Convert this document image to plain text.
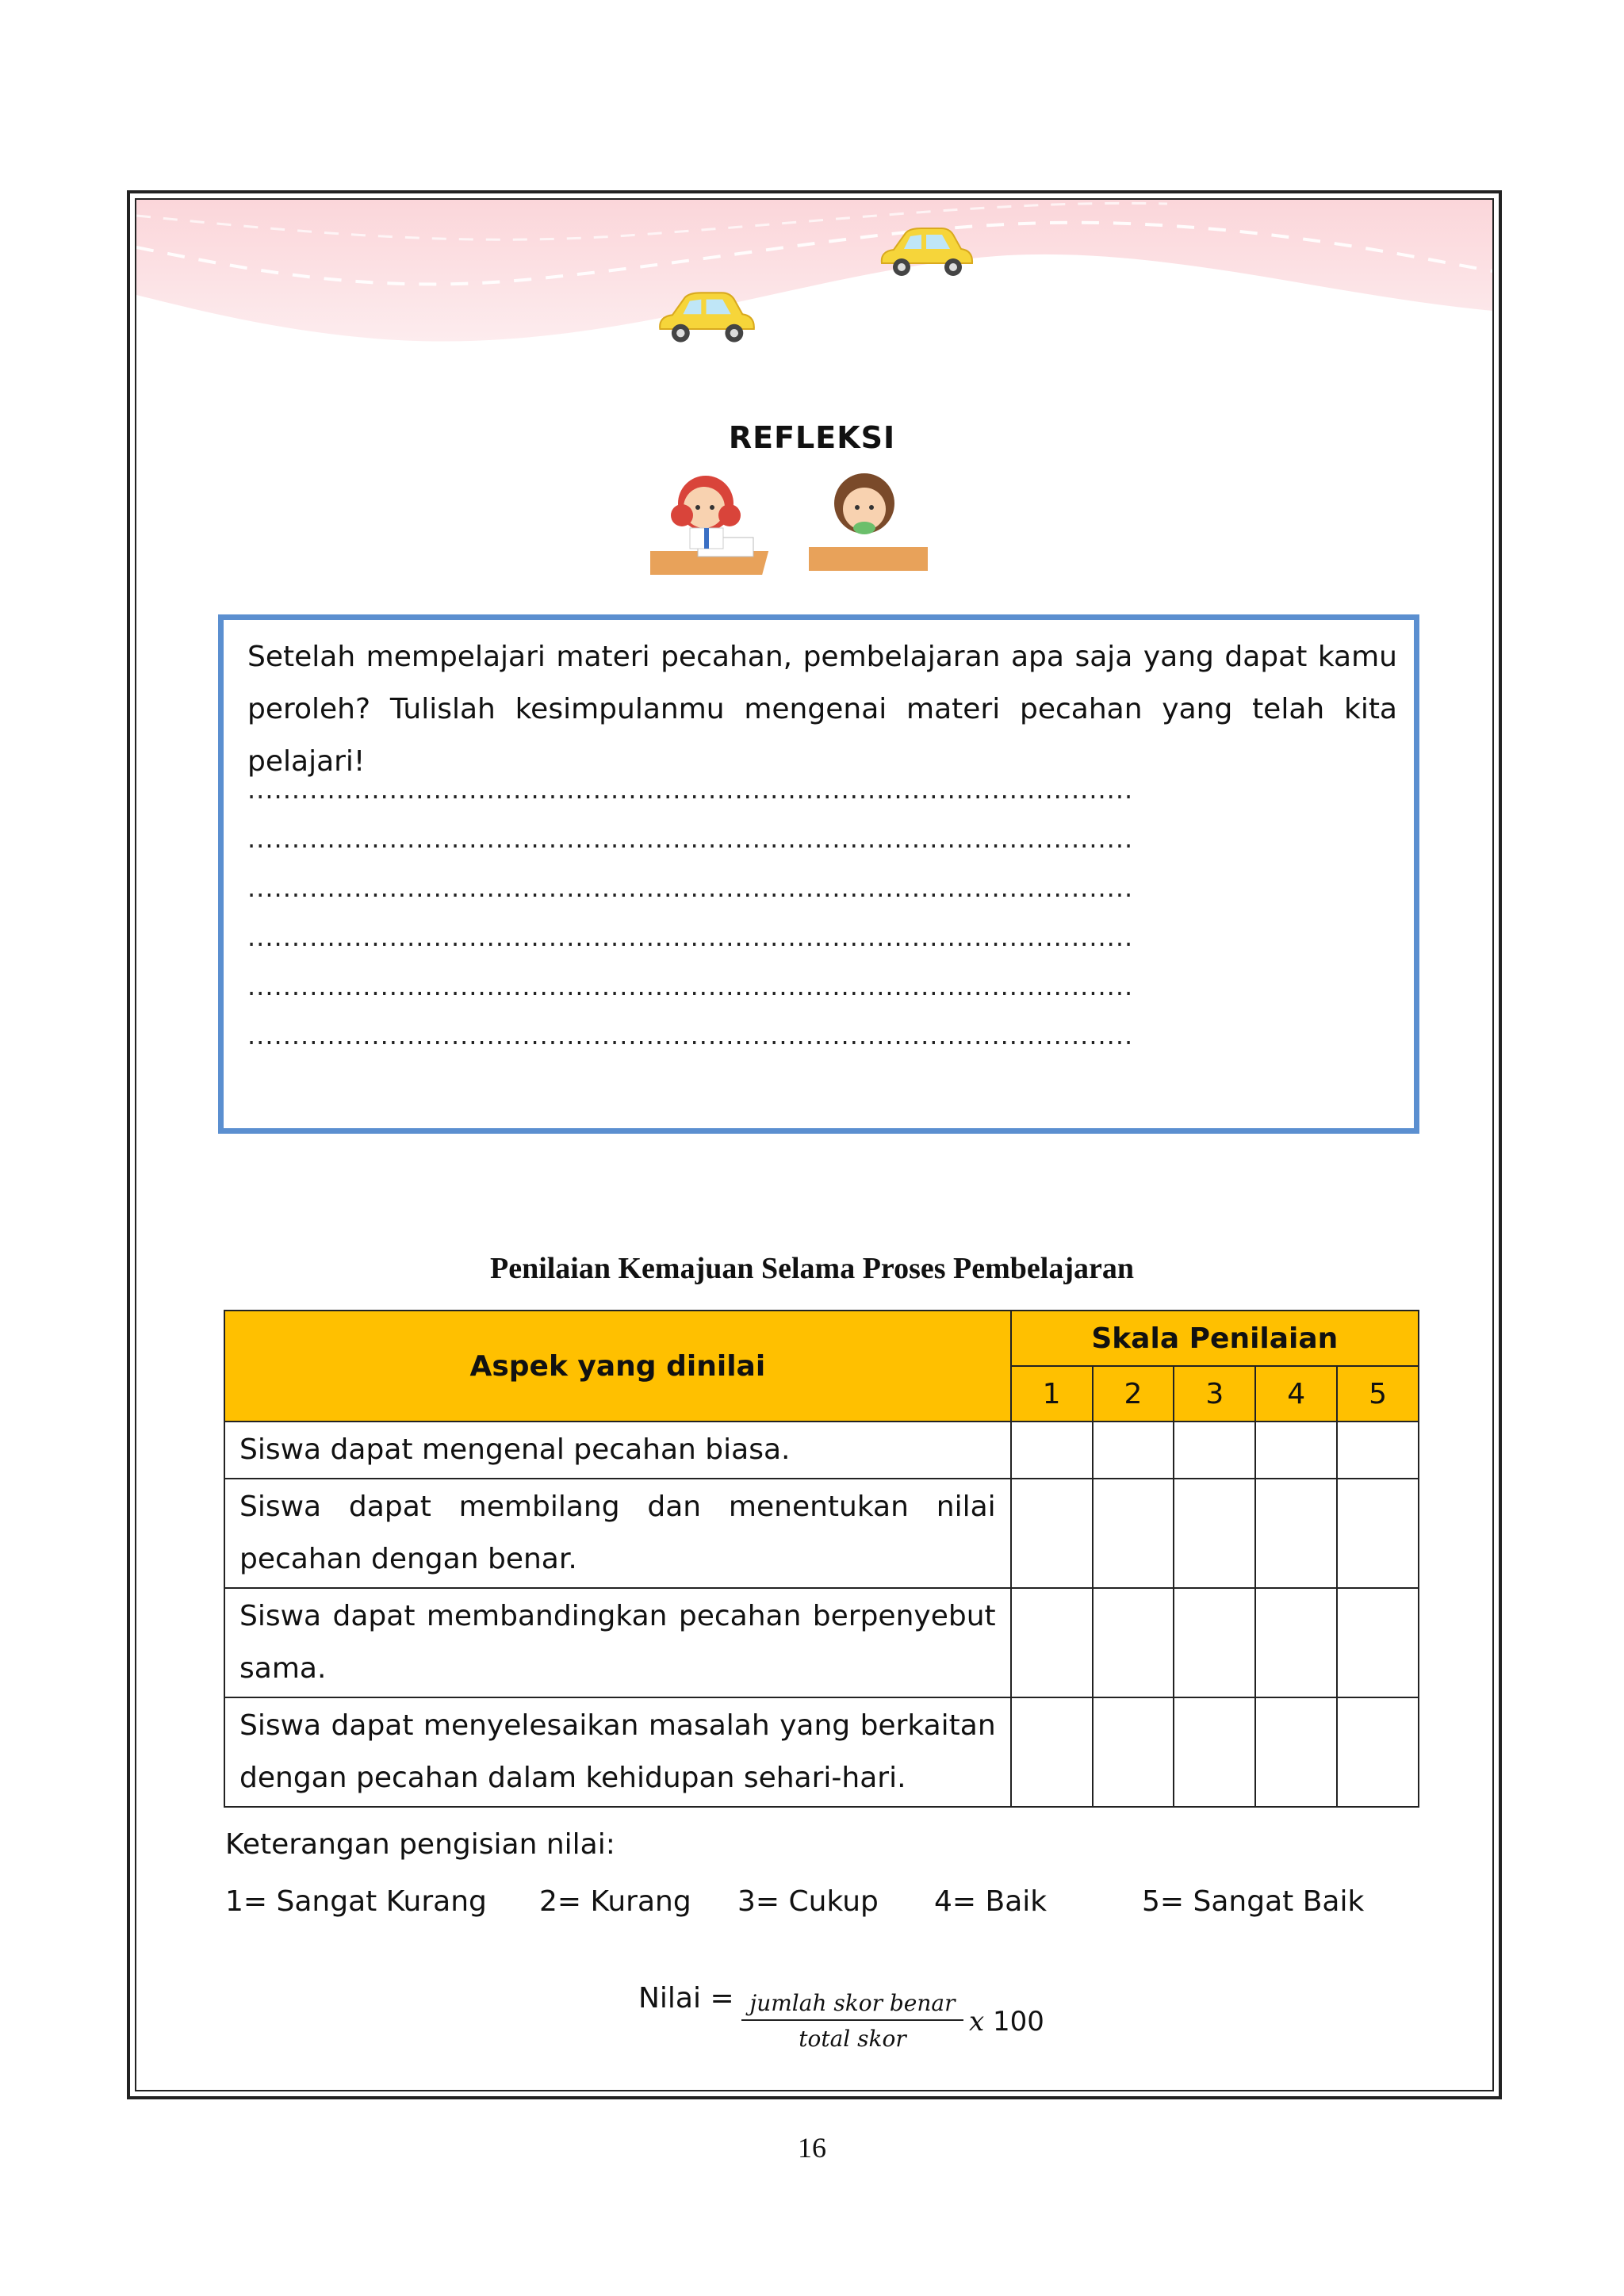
REFLEKSI
Setelah mempelajari materi pecahan, pembelajaran apa saja yang dapat kamu peroleh? Tulislah kesimpulanmu mengenai materi pecahan yang telah kita pelajari!
....................................................................................................
....................................................................................................
....................................................................................................
....................................................................................................
....................................................................................................
....................................................................................................
Penilaian Kemajuan Selama Proses Pembelajaran
Aspek yang dinilai	Skala Penilaian				
	1	2	3	4	5
Siswa dapat mengenal pecahan biasa.					
Siswa dapat membilang dan menentukan nilai pecahan dengan benar.					
Siswa dapat membandingkan pecahan berpenyebut sama.					
Siswa dapat menyelesaikan masalah yang berkaitan dengan pecahan dalam kehidupan sehari-hari.					
Keterangan pengisian nilai:
1= Sangat Kurang 2= Kurang 3= Cukup 4= Baik	5= Sangat Baik
Nilai = jumlah skor benar
total skor
x 100
16
